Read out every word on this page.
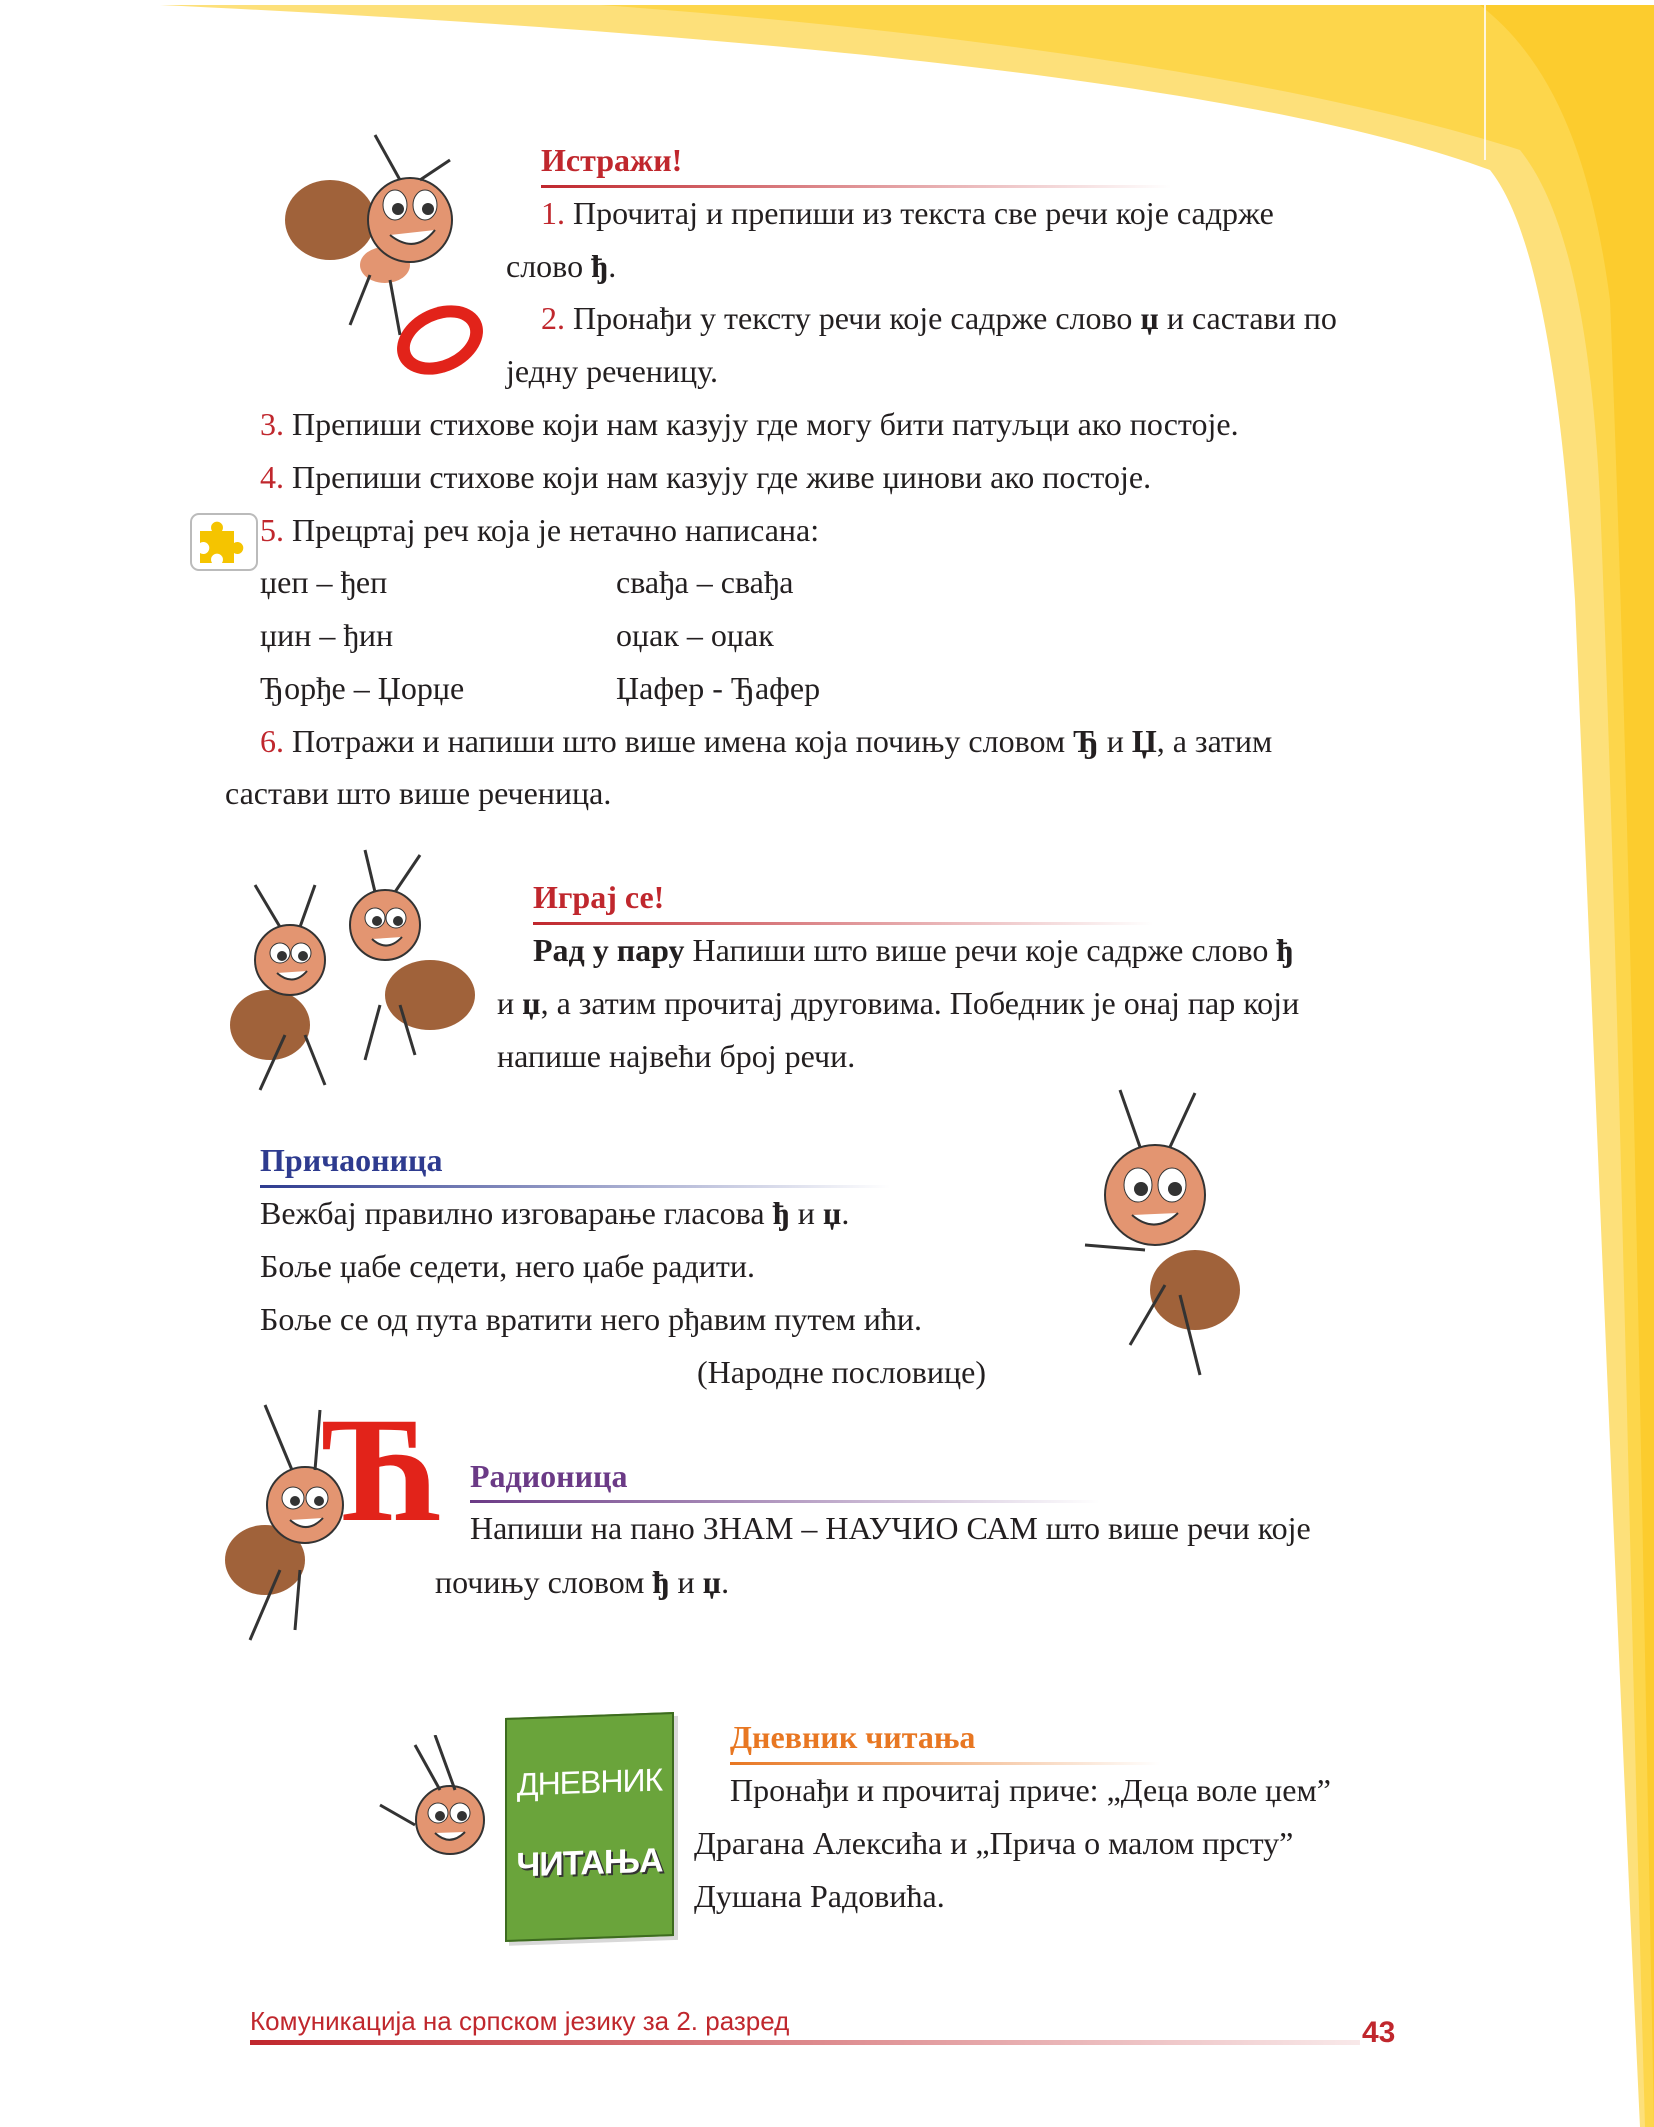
Истражи!
1. Прочитај и препиши из текста све речи које садрже
слово ђ.
2. Пронађи у тексту речи које садрже слово џ и састави по
једну реченицу.
3. Препиши стихове који нам казују где могу бити патуљци ако постоје.
4. Препиши стихове који нам казују где живе џинови ако постоје.
5. Прецртај реч која је нетачно написана:
џеп – ђеп	свађа – свађа
џин – ђин	оџак – оџак
Ђорђе – Џорџе	Џафер - Ђафер
6. Потражи и напиши што више имена која почињу словом Ђ и Џ, а затим
састави што више реченица.
Играј се!
Рад у пару Напиши што више речи које садрже слово ђ
и џ, а затим прочитај друговима. Победник је онај пар који
напише највећи број речи.
Причаоница
Вежбај правилно изговарање гласова ђ и џ.
Боље џабе седети, него џабе радити.
Боље се од пута вратити него рђавим путем ићи.
(Народне пословице)
Ћ Радионица
Напиши на пано ЗНАМ – НАУЧИО САМ што више речи које
почињу словом ђ и џ.
ДНЕВНИК
ЧИТАЊА
Дневник читања
Пронађи и прочитај приче: „Деца воле џем”
Драгана Алексића и „Прича о малом прсту”
Душана Радовића.
Комуникација на српском језику за 2. разред	43
